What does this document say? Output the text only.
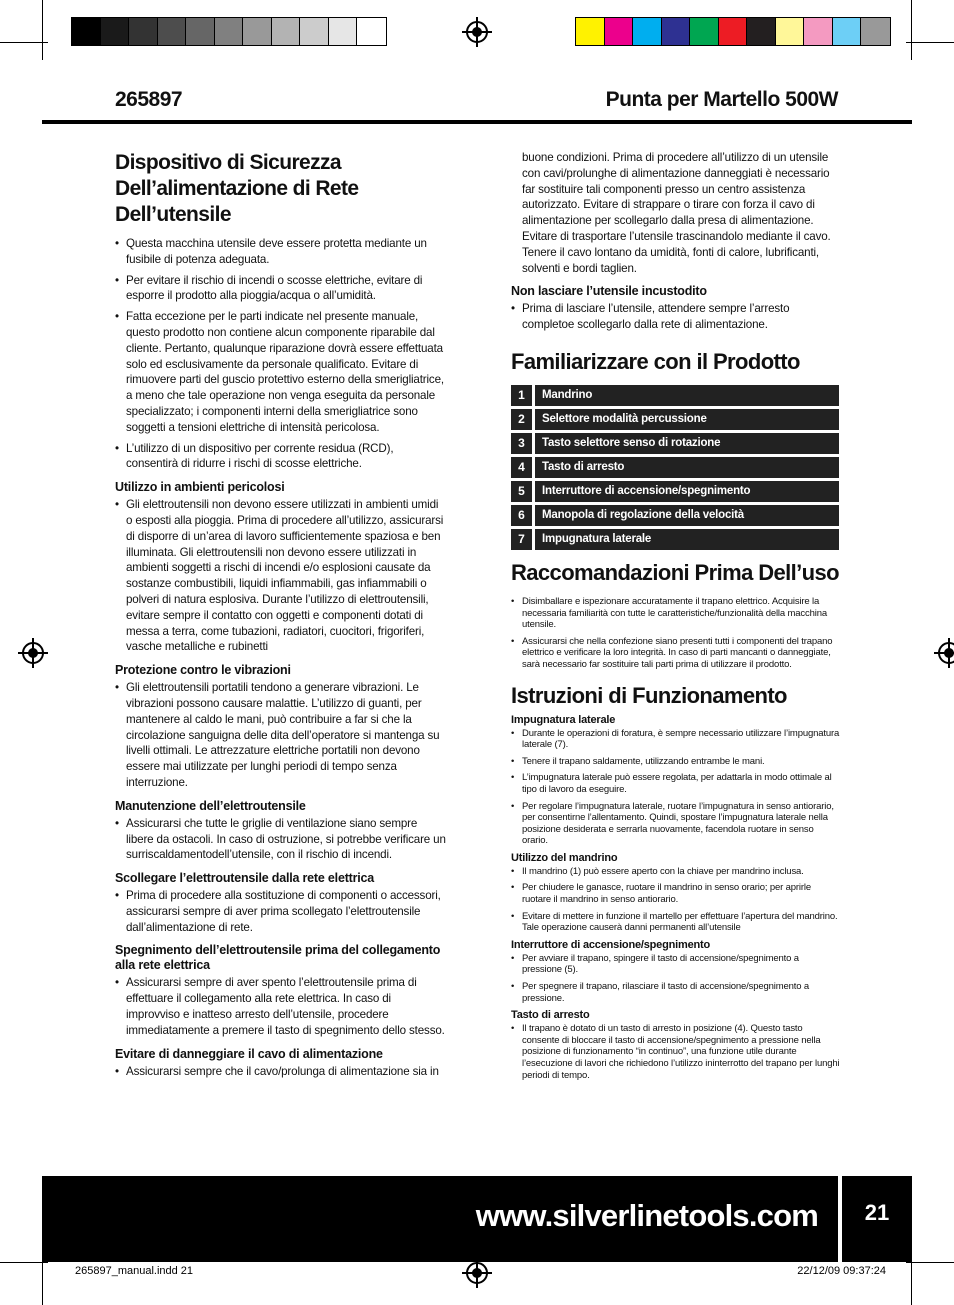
265897	Punta per Martello 500W
Dispositivo di Sicurezza Dell’alimentazione di Rete Dell’utensile
• Questa macchina utensile deve essere protetta mediante un fusibile di potenza adeguata.
• Per evitare il rischio di incendi o scosse elettriche, evitare di esporre il prodotto alla pioggia/acqua o all’umidità.
• Fatta eccezione per le parti indicate nel presente manuale, questo prodotto non contiene alcun componente riparabile dal cliente. Pertanto, qualunque riparazione dovrà essere effettuata solo ed esclusivamente da personale qualificato. Evitare di rimuovere parti del guscio protettivo esterno della smerigliatrice, a meno che tale operazione non venga eseguita da personale specializzato; i componenti interni della smerigliatrice sono soggetti a tensioni elettriche di intensità pericolosa.
• L’utilizzo di un dispositivo per corrente residua (RCD), consentirà di ridurre i rischi di scosse elettriche.
Utilizzo in ambienti pericolosi
• Gli elettroutensili non devono essere utilizzati in ambienti umidi o esposti alla pioggia. Prima di procedere all’utilizzo, assicurarsi di disporre di un’area di lavoro sufficientemente spaziosa e ben illuminata. Gli elettroutensili non devono essere utilizzati in ambienti soggetti a rischi di incendi e/o esplosioni causate da sostanze combustibili, liquidi infiammabili, gas infiammabili o polveri di natura esplosiva. Durante l’utilizzo di elettroutensili, evitare sempre il contatto con oggetti e componenti dotati di messa a terra, come tubazioni, radiatori, cuocitori, frigoriferi, vasche metalliche e rubinetti
Protezione contro le vibrazioni
• Gli elettroutensili portatili tendono a generare vibrazioni. Le vibrazioni possono causare malattie. L’utilizzo di guanti, per mantenere al caldo le mani, può contribuire a far si che la circolazione sanguigna delle dita dell’operatore si mantenga su livelli ottimali. Le attrezzature elettriche portatili non devono essere mai utilizzate per lunghi periodi di tempo senza interruzione.
Manutenzione dell’elettroutensile
• Assicurarsi che tutte le griglie di ventilazione siano sempre libere da ostacoli. In caso di ostruzione, si potrebbe verificare un surriscaldamentodell’utensile, con il rischio di incendi.
Scollegare l’elettroutensile dalla rete elettrica
• Prima di procedere alla sostituzione di componenti o accessori, assicurarsi sempre di aver prima scollegato l’elettroutensile dall’alimentazione di rete.
Spegnimento dell’elettroutensile prima del collegamento alla rete elettrica
• Assicurarsi sempre di aver spento l’elettroutensile prima di effettuare il collegamento alla rete elettrica. In caso di improvviso e inatteso arresto dell’utensile, procedere immediatamente a premere il tasto di spegnimento dello stesso.
Evitare di danneggiare il cavo di alimentazione
• Assicurarsi sempre che il cavo/prolunga di alimentazione sia in

buone condizioni. Prima di procedere all’utilizzo di un utensile con cavi/prolunghe di alimentazione danneggiati è necessario far sostituire tali componenti presso un centro assistenza autorizzato. Evitare di strappare o tirare con forza il cavo di alimentazione per scollegarlo dalla presa di alimentazione. Evitare di trasportare l’utensile trascinandolo mediante il cavo. Tenere il cavo lontano da umidità, fonti di calore, lubrificanti, solventi e bordi taglien.

Non lasciare l’utensile incustodito
• Prima di lasciare l’utensile, attendere sempre l’arresto completoe scollegarlo dalla rete di alimentazione.
Familiarizzare con il Prodotto
1	Mandrino
2	Selettore modalità percussione
3	Tasto selettore senso di rotazione
4	Tasto di arresto
5	Interruttore di accensione/spegnimento
6	Manopola di regolazione della velocità
7	Impugnatura laterale
Raccomandazioni Prima Dell’uso
• Disimballare e ispezionare accuratamente il trapano elettrico. Acquisire la necessaria familiarità con tutte le caratteristiche/funzionalità della macchina utensile.
• Assicurarsi che nella confezione siano presenti tutti i componenti del trapano elettrico e verificare la loro integrità. In caso di parti mancanti o danneggiate, sarà necessario far sostituire tali parti prima di utilizzare il prodotto.
Istruzioni di Funzionamento
Impugnatura laterale
• Durante le operazioni di foratura, è sempre necessario utilizzare l’impugnatura laterale (7).
• Tenere il trapano saldamente, utilizzando entrambe le mani.
• L’impugnatura laterale può essere regolata, per adattarla in modo ottimale al tipo di lavoro da eseguire.
• Per regolare l’impugnatura laterale, ruotare l’impugnatura in senso antiorario, per consentirne l’allentamento. Quindi, spostare l’impugnatura laterale nella posizione desiderata e serrarla nuovamente, facendola ruotare in senso orario.
Utilizzo del mandrino
• Il mandrino (1) può essere aperto con la chiave per mandrino inclusa.
• Per chiudere le ganasce, ruotare il mandrino in senso orario; per aprirle ruotare il mandrino in senso antiorario.
• Evitare di mettere in funzione il martello per effettuare l’apertura del mandrino. Tale operazione causerà danni permanenti all’utensile
Interruttore di accensione/spegnimento
• Per avviare il trapano, spingere il tasto di accensione/spegnimento a pressione (5).
• Per spegnere il trapano, rilasciare il tasto di accensione/spegnimento a pressione.
Tasto di arresto
• Il trapano è dotato di un tasto di arresto in posizione (4). Questo tasto consente di bloccare il tasto di accensione/spegnimento a pressione nella posizione di funzionamento “in continuo”, una funzione utile durante l’esecuzione di lavori che richiedono l’utilizzo ininterrotto del trapano per lunghi periodi di tempo.
www.silverlinetools.com	21
265897_manual.indd 21	22/12/09 09:37:24
